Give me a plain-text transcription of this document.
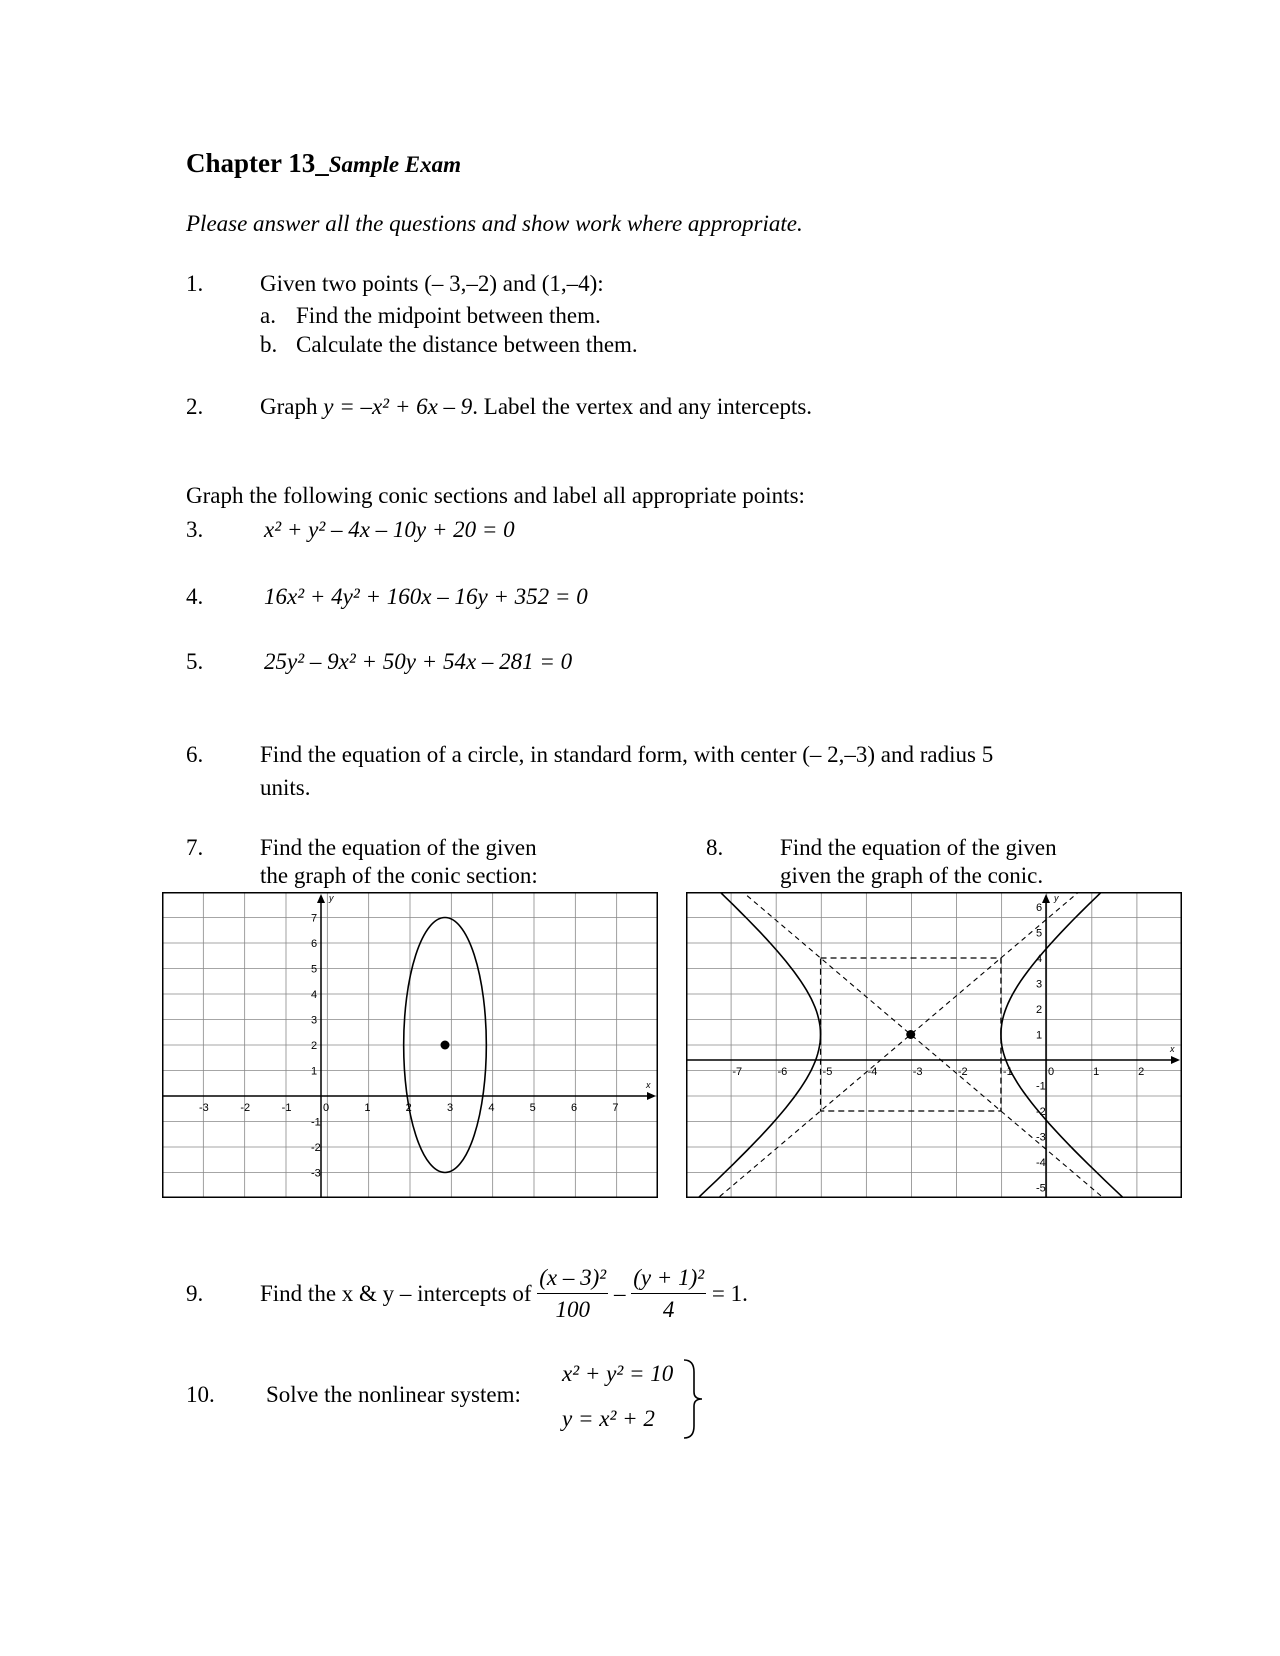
Chapter 13_Sample Exam
Please answer all the questions and show work where appropriate.
1. Given two points (– 3,–2) and (1,–4):
a. Find the midpoint between them.
b. Calculate the distance between them.
2. Graph y = –x² + 6x – 9. Label the vertex and any intercepts.
Graph the following conic sections and label all appropriate points:
3.	x² + y² – 4x – 10y + 20 = 0
4.	16x² + 4y² + 160x – 16y + 352 = 0
5.	25y² – 9x² + 50y + 54x – 281 = 0
6. Find the equation of a circle, in standard form, with center (– 2,–3) and radius 5
units.
7. Find the equation of the given
the graph of the conic section:
8. Find the equation of the given
given the graph of the conic.
x
y
-3	-2	-1	0	1	2	3	4	5	6	7
7
6
5
4
3
2
1
-1
-2
-3
x
y
-7	-6	-5	-4	-3	-2	-1	0	1	2
6
5
4
3
2
1
-1
-2
-3
-4
-5
9. Find the x & y – intercepts of
$\frac{\text{(x – 3)²}}{100}$
–
$\frac{\text{(y + 1)²}}{4}$
= 1.
10. Solve the nonlinear system:
x² + y² = 10
y = x² + 2
